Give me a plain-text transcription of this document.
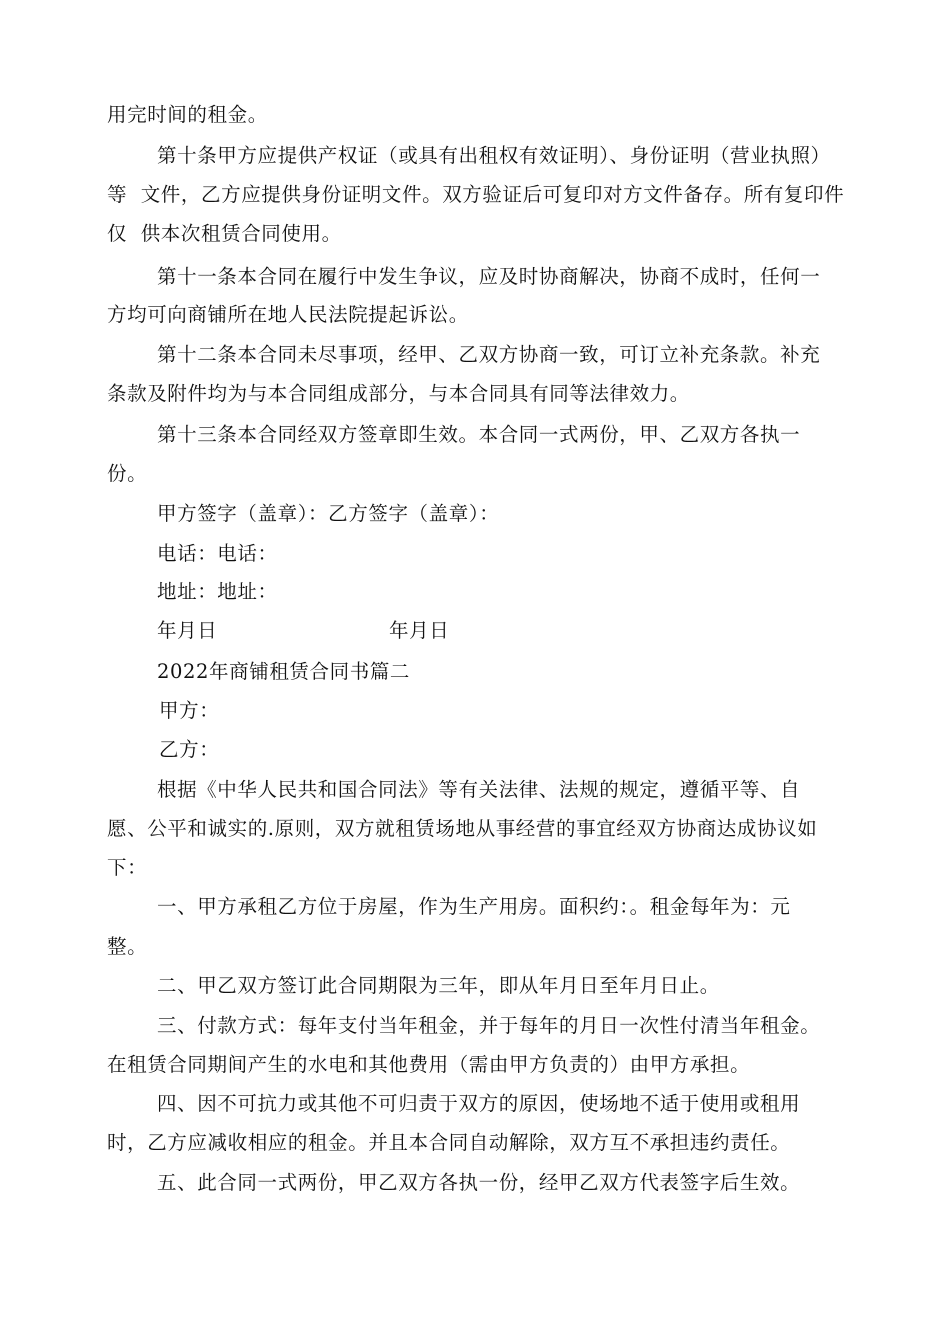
用完时间的租金。
第十条甲方应提供产权证（或具有出租权有效证明）、身份证明（营业执照）
等  文件，乙方应提供身份证明文件。双方验证后可复印对方文件备存。所有复印件
仅  供本次租赁合同使用。
第十一条本合同在履行中发生争议，应及时协商解决，协商不成时，任何一
方均可向商铺所在地人民法院提起诉讼。
第十二条本合同未尽事项，经甲、乙双方协商一致，可订立补充条款。补充
条款及附件均为与本合同组成部分，与本合同具有同等法律效力。
第十三条本合同经双方签章即生效。本合同一式两份，甲、乙双方各执一
份。
甲方签字（盖章）：乙方签字（盖章）：
电话：电话：
地址：地址：
年月日	年月日
2022年商铺租赁合同书篇二
甲方：
乙方：
根据《中华人民共和国合同法》等有关法律、法规的规定，遵循平等、自
愿、公平和诚实的.原则，双方就租赁场地从事经营的事宜经双方协商达成协议如
下：
一、甲方承租乙方位于房屋，作为生产用房。面积约：。租金每年为：元
整。
二、甲乙双方签订此合同期限为三年，即从年月日至年月日止。
三、付款方式：每年支付当年租金，并于每年的月日一次性付清当年租金。
在租赁合同期间产生的水电和其他费用（需由甲方负责的）由甲方承担。
四、因不可抗力或其他不可归责于双方的原因，使场地不适于使用或租用
时，乙方应减收相应的租金。并且本合同自动解除，双方互不承担违约责任。
五、此合同一式两份，甲乙双方各执一份，经甲乙双方代表签字后生效。
